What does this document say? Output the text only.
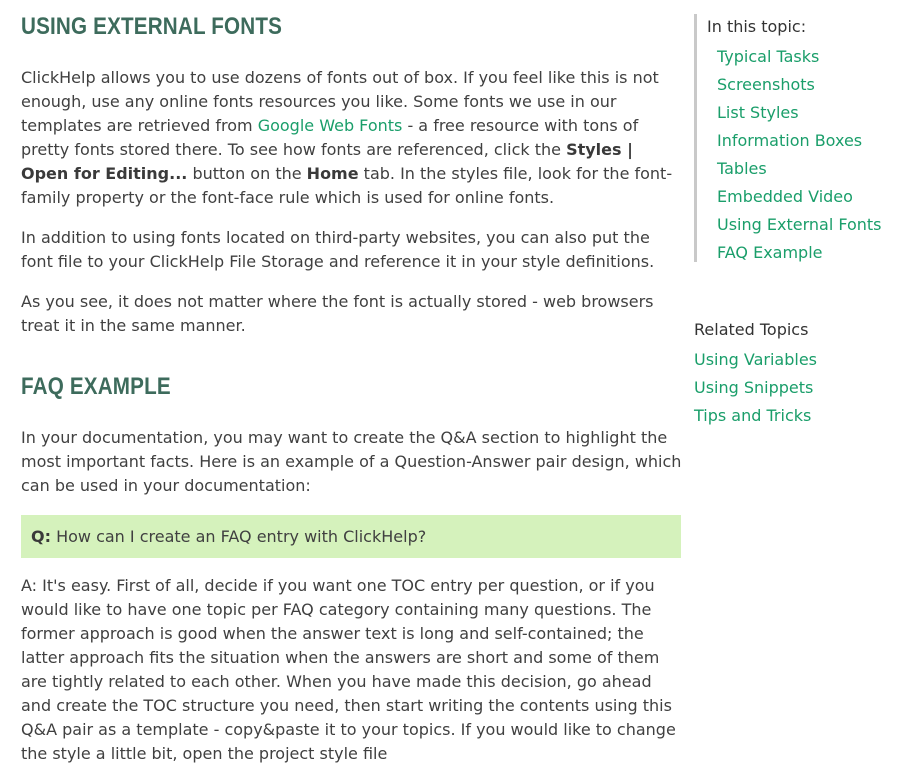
USING EXTERNAL FONTS

ClickHelp allows you to use dozens of fonts out of box. If you feel like this is not enough, use any online fonts resources you like. Some fonts we use in our templates are retrieved from Google Web Fonts - a free resource with tons of pretty fonts stored there. To see how fonts are referenced, click the Styles | Open for Editing... button on the Home tab. In the styles file, look for the font-family property or the font-face rule which is used for online fonts.

In addition to using fonts located on third-party websites, you can also put the font file to your ClickHelp File Storage and reference it in your style definitions.

As you see, it does not matter where the font is actually stored - web browsers treat it in the same manner.

FAQ EXAMPLE

In your documentation, you may want to create the Q&A section to highlight the most important facts. Here is an example of a Question-Answer pair design, which can be used in your documentation:

Q: How can I create an FAQ entry with ClickHelp?

A: It's easy. First of all, decide if you want one TOC entry per question, or if you would like to have one topic per FAQ category containing many questions. The former approach is good when the answer text is long and self-contained; the latter approach fits the situation when the answers are short and some of them are tightly related to each other. When you have made this decision, go ahead and create the TOC structure you need, then start writing the contents using this Q&A pair as a template - copy&paste it to your topics. If you would like to change the style a little bit, open the project style file

In this topic:
Typical Tasks
Screenshots
List Styles
Information Boxes
Tables
Embedded Video
Using External Fonts
FAQ Example
Related Topics
Using Variables
Using Snippets
Tips and Tricks
